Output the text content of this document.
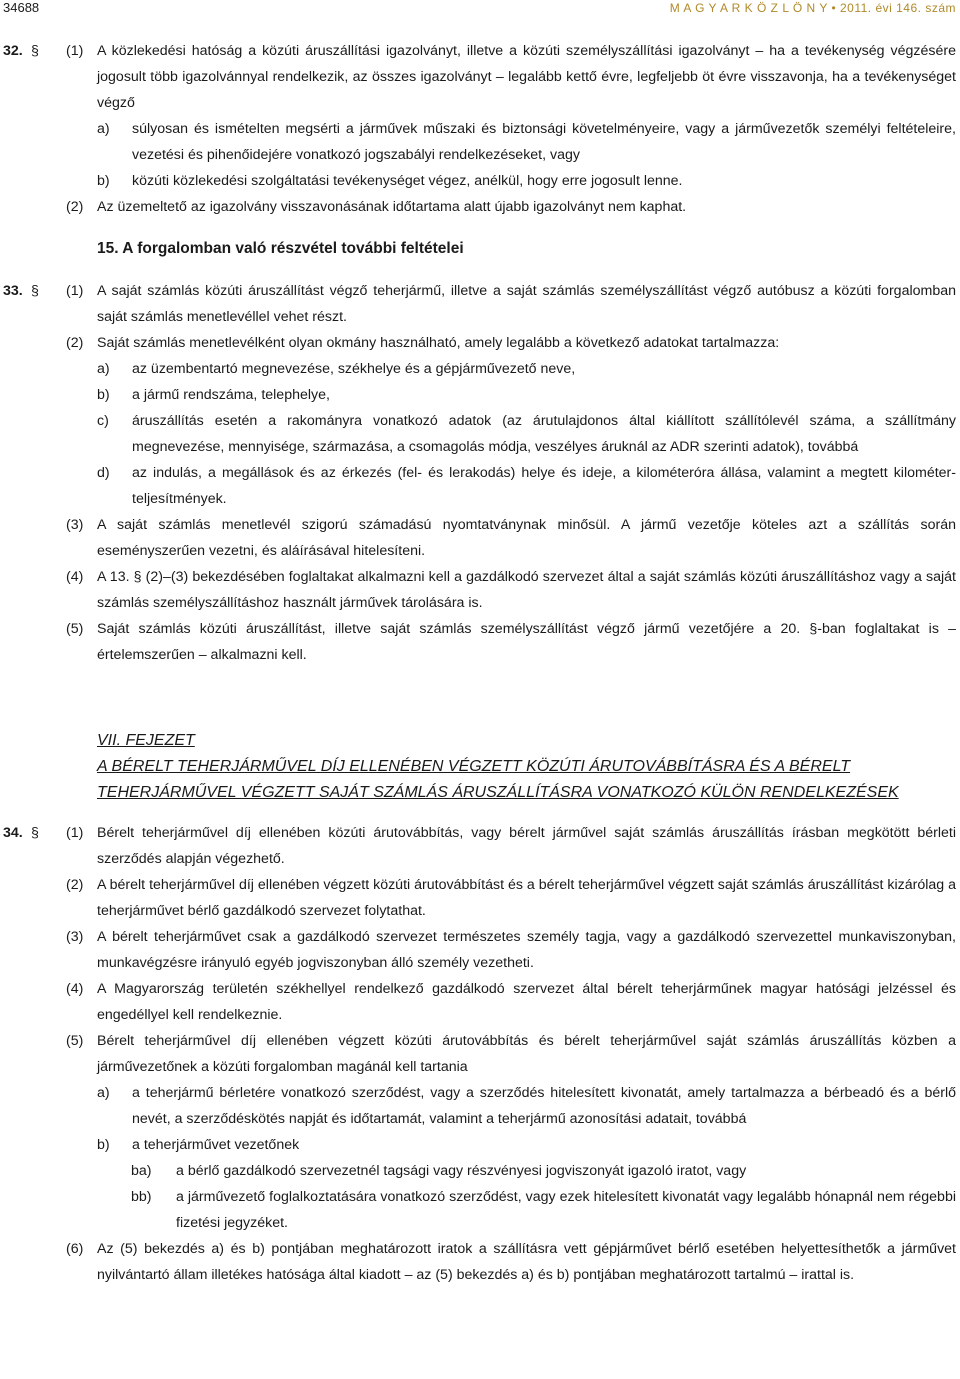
34688	M A G Y A R K Ö Z L Ö N Y • 2011. évi 146. szám
32. § (1) A közlekedési hatóság a közúti áruszállítási igazolványt, illetve a közúti személyszállítási igazolványt – ha a tevékenység végzésére jogosult több igazolvánnyal rendelkezik, az összes igazolványt – legalább kettő évre, legfeljebb öt évre visszavonja, ha a tevékenységet végző
a) súlyosan és ismételten megsérti a járművek műszaki és biztonsági követelményeire, vagy a járművezetők személyi feltételeire, vezetési és pihenőidejére vonatkozó jogszabályi rendelkezéseket, vagy
b) közúti közlekedési szolgáltatási tevékenységet végez, anélkül, hogy erre jogosult lenne.
(2) Az üzemeltető az igazolvány visszavonásának időtartama alatt újabb igazolványt nem kaphat.
15. A forgalomban való részvétel további feltételei
33. § (1) A saját számlás közúti áruszállítást végző teherjármű, illetve a saját számlás személyszállítást végző autóbusz a közúti forgalomban saját számlás menetlevéllel vehet részt.
(2) Saját számlás menetlevélként olyan okmány használható, amely legalább a következő adatokat tartalmazza:
a) az üzembentartó megnevezése, székhelye és a gépjárművezető neve,
b) a jármű rendszáma, telephelye,
c) áruszállítás esetén a rakományra vonatkozó adatok (az árutulajdonos által kiállított szállítólevél száma, a szállítmány megnevezése, mennyisége, származása, a csomagolás módja, veszélyes áruknál az ADR szerinti adatok), továbbá
d) az indulás, a megállások és az érkezés (fel- és lerakodás) helye és ideje, a kilométeróra állása, valamint a megtett kilométer-teljesítmények.
(3) A saját számlás menetlevél szigorú számadású nyomtatványnak minősül. A jármű vezetője köteles azt a szállítás során eseményszerűen vezetni, és aláírásával hitelesíteni.
(4) A 13. § (2)–(3) bekezdésében foglaltakat alkalmazni kell a gazdálkodó szervezet által a saját számlás közúti áruszállításhoz vagy a saját számlás személyszállításhoz használt járművek tárolására is.
(5) Saját számlás közúti áruszállítást, illetve saját számlás személyszállítást végző jármű vezetőjére a 20. §-ban foglaltakat is – értelemszerűen – alkalmazni kell.
VII. FEJEZET
A BÉRELT TEHERJÁRMŰVEL DÍJ ELLENÉBEN VÉGZETT KÖZÚTI ÁRUTOVÁBBÍTÁSRA ÉS A BÉRELT
TEHERJÁRMŰVEL VÉGZETT SAJÁT SZÁMLÁS ÁRUSZÁLLÍTÁSRA VONATKOZÓ KÜLÖN RENDELKEZÉSEK
34. § (1) Bérelt teherjárművel díj ellenében közúti árutovábbítás, vagy bérelt járművel saját számlás áruszállítás írásban megkötött bérleti szerződés alapján végezhető.
(2) A bérelt teherjárművel díj ellenében végzett közúti árutovábbítást és a bérelt teherjárművel végzett saját számlás áruszállítást kizárólag a teherjárművet bérlő gazdálkodó szervezet folytathat.
(3) A bérelt teherjárművet csak a gazdálkodó szervezet természetes személy tagja, vagy a gazdálkodó szervezettel munkaviszonyban, munkavégzésre irányuló egyéb jogviszonyban álló személy vezetheti.
(4) A Magyarország területén székhellyel rendelkező gazdálkodó szervezet által bérelt teherjárműnek magyar hatósági jelzéssel és engedéllyel kell rendelkeznie.
(5) Bérelt teherjárművel díj ellenében végzett közúti árutovábbítás és bérelt teherjárművel saját számlás áruszállítás közben a járművezetőnek a közúti forgalomban magánál kell tartania
a) a teherjármű bérletére vonatkozó szerződést, vagy a szerződés hitelesített kivonatát, amely tartalmazza a bérbeadó és a bérlő nevét, a szerződéskötés napját és időtartamát, valamint a teherjármű azonosítási adatait, továbbá
b) a teherjárművet vezetőnek
ba) a bérlő gazdálkodó szervezetnél tagsági vagy részvényesi jogviszonyát igazoló iratot, vagy
bb) a járművezető foglalkoztatására vonatkozó szerződést, vagy ezek hitelesített kivonatát vagy legalább hónapnál nem régebbi fizetési jegyzéket.
(6) Az (5) bekezdés a) és b) pontjában meghatározott iratok a szállításra vett gépjárművet bérlő esetében helyettesíthetők a járművet nyilvántartó állam illetékes hatósága által kiadott – az (5) bekezdés a) és b) pontjában meghatározott tartalmú – irattal is.
